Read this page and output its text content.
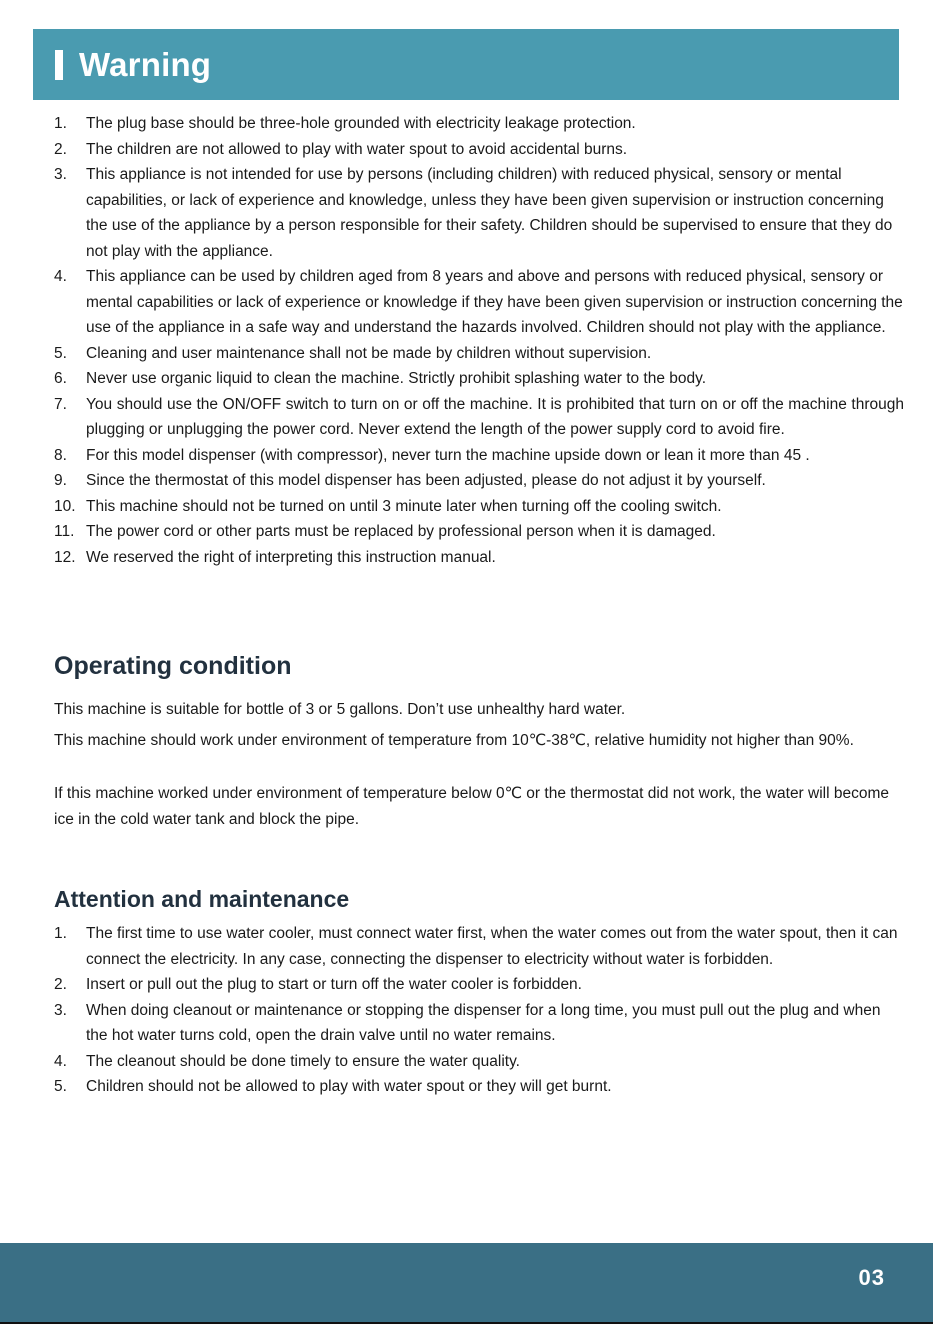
Warning
1. The plug base should be three-hole grounded with electricity leakage protection.
2. The children are not allowed to play with water spout to avoid accidental burns.
3. This appliance is not intended for use by persons (including children) with reduced physical, sensory or mental capabilities, or lack of experience and knowledge, unless they have been given supervision or instruction concerning the use of the appliance by a person responsible for their safety. Children should be supervised to ensure that they do not play with the appliance.
4. This appliance can be used by children aged from 8 years and above and persons with reduced physical, sensory or mental capabilities or lack of experience or knowledge if they have been given supervision or instruction concerning the use of the appliance in a safe way and understand the hazards involved. Children should not play with the appliance.
5. Cleaning and user maintenance shall not be made by children without supervision.
6. Never use organic liquid to clean the machine. Strictly prohibit splashing water to the body.
7. You should use the ON/OFF switch to turn on or off the machine. It is prohibited that turn on or off the machine through plugging or unplugging the power cord. Never extend the length of the power supply cord to avoid fire.
8. For this model dispenser (with compressor), never turn the machine upside down or lean it more than 45 .
9. Since the thermostat of this model dispenser has been adjusted, please do not adjust it by yourself.
10. This machine should not be turned on until 3 minute later when turning off the cooling switch.
11. The power cord or other parts must be replaced by professional person when it is damaged.
12. We reserved the right of interpreting this instruction manual.
Operating condition

This machine is suitable for bottle of 3 or 5 gallons. Don’t use unhealthy hard water.

This machine should work under environment of temperature from 10℃-38℃, relative humidity not higher than 90%.

If this machine worked under environment of temperature below 0℃ or the thermostat did not work, the water will become ice in the cold water tank and block the pipe.

Attention and maintenance
1. The first time to use water cooler, must connect water first, when the water comes out from the water spout, then it can connect the electricity. In any case, connecting the dispenser to electricity without water is forbidden.
2. Insert or pull out the plug to start or turn off the water cooler is forbidden.
3. When doing cleanout or maintenance or stopping the dispenser for a long time, you must pull out the plug and when the hot water turns cold, open the drain valve until no water remains.
4. The cleanout should be done timely to ensure the water quality.
5. Children should not be allowed to play with water spout or they will get burnt.
03
